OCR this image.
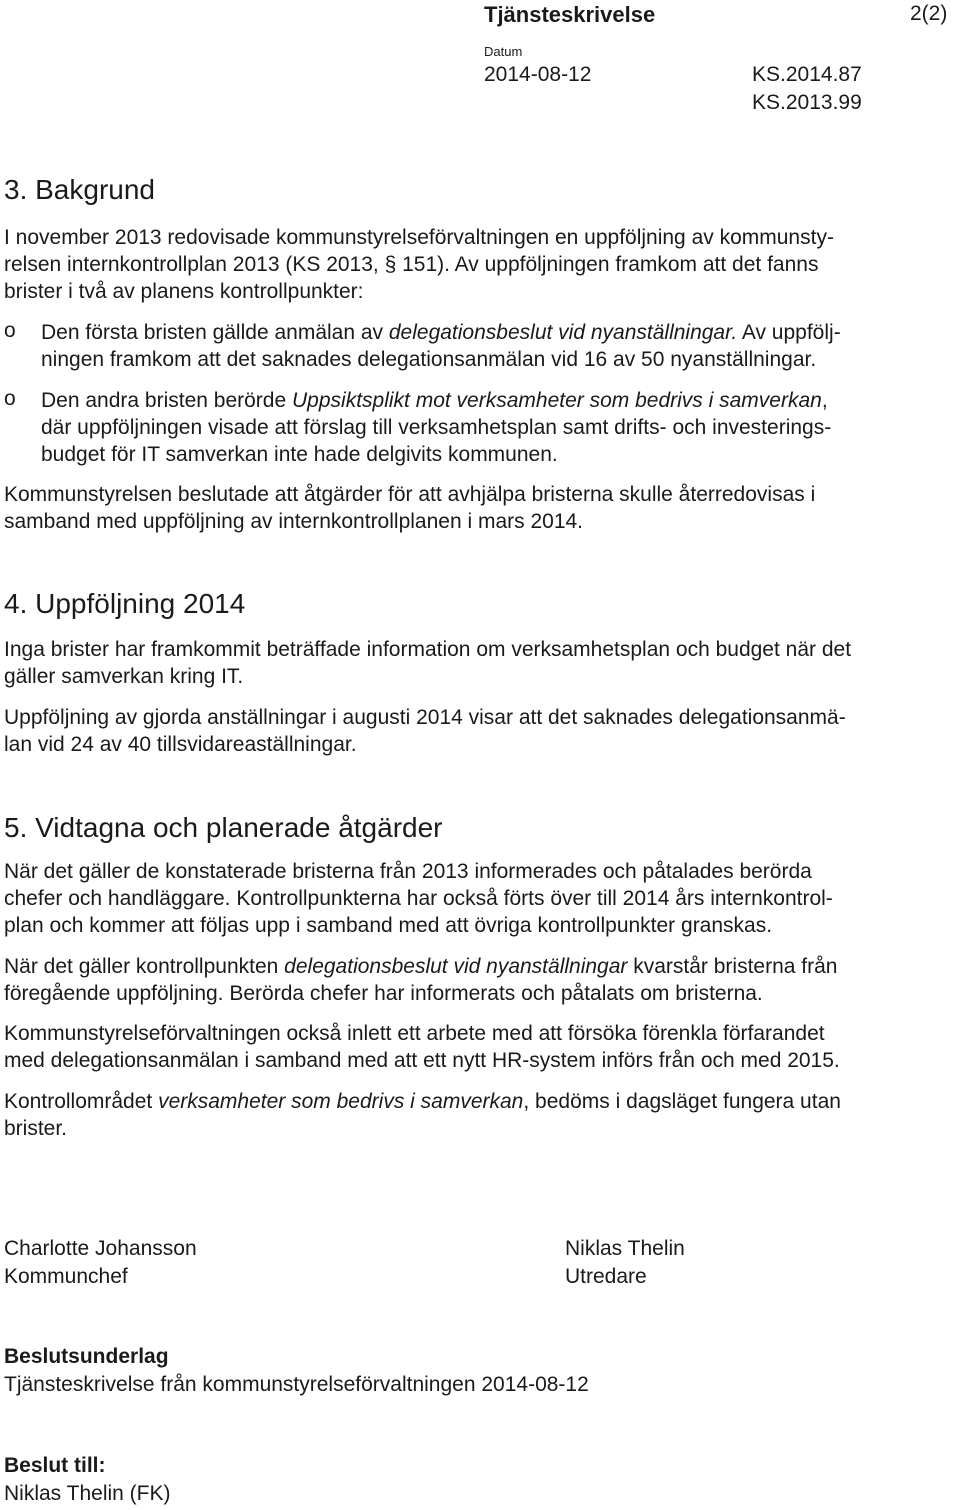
Tjänsteskrivelse	2(2)
Datum
2014-08-12	KS.2014.87
KS.2013.99
3. Bakgrund
I november 2013 redovisade kommunstyrelseförvaltningen en uppföljning av kommunsty-
relsen internkontrollplan 2013 (KS 2013, § 151). Av uppföljningen framkom att det fanns
brister i två av planens kontrollpunkter:
o Den första bristen gällde anmälan av delegationsbeslut vid nyanställningar. Av uppfölj-
ningen framkom att det saknades delegationsanmälan vid 16 av 50 nyanställningar.
o Den andra bristen berörde Uppsiktsplikt mot verksamheter som bedrivs i samverkan,
där uppföljningen visade att förslag till verksamhetsplan samt drifts- och investerings-
budget för IT samverkan inte hade delgivits kommunen.
Kommunstyrelsen beslutade att åtgärder för att avhjälpa bristerna skulle återredovisas i
samband med uppföljning av internkontrollplanen i mars 2014.
4. Uppföljning 2014
Inga brister har framkommit beträffade information om verksamhetsplan och budget när det
gäller samverkan kring IT.
Uppföljning av gjorda anställningar i augusti 2014 visar att det saknades delegationsanmä-
lan vid 24 av 40 tillsvidareaställningar.
5. Vidtagna och planerade åtgärder
När det gäller de konstaterade bristerna från 2013 informerades och påtalades berörda
chefer och handläggare. Kontrollpunkterna har också förts över till 2014 års internkontrol-
plan och kommer att följas upp i samband med att övriga kontrollpunkter granskas.
När det gäller kontrollpunkten delegationsbeslut vid nyanställningar kvarstår bristerna från
föregående uppföljning. Berörda chefer har informerats och påtalats om bristerna.
Kommunstyrelseförvaltningen också inlett ett arbete med att försöka förenkla förfarandet
med delegationsanmälan i samband med att ett nytt HR-system införs från och med 2015.
Kontrollområdet verksamheter som bedrivs i samverkan, bedöms i dagsläget fungera utan
brister.
Charlotte Johansson
Kommunchef
Niklas Thelin
Utredare
Beslutsunderlag
Tjänsteskrivelse från kommunstyrelseförvaltningen 2014-08-12
Beslut till:
Niklas Thelin (FK)
